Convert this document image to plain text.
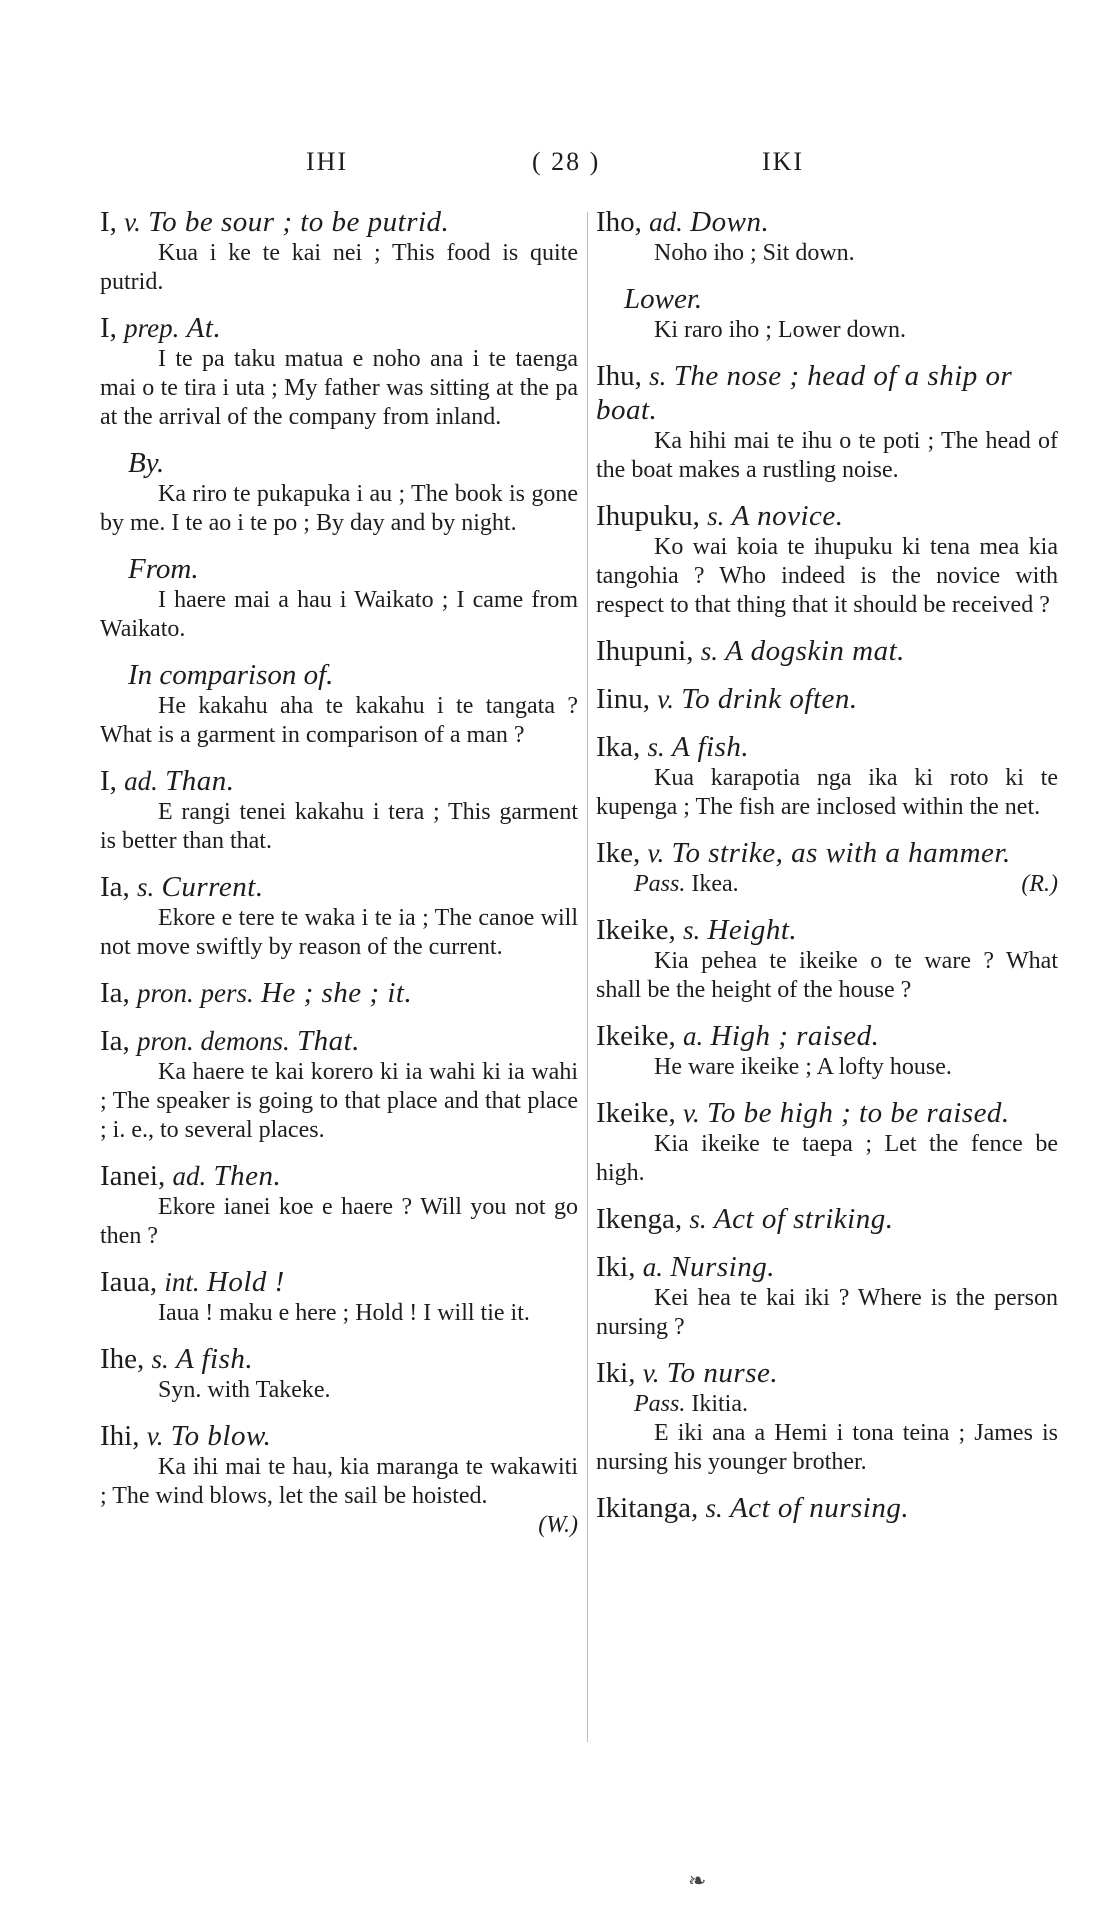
IHI	( 28 )	IKI
I, v. To be sour ; to be putrid.

Kua i ke te kai nei ; This food is quite putrid.

I, prep. At.

I te pa taku matua e noho ana i te taenga mai o te tira i uta ; My father was sitting at the pa at the arrival of the company from inland.

By.

Ka riro te pukapuka i au ; The book is gone by me. I te ao i te po ; By day and by night.

From.

I haere mai a hau i Waikato ; I came from Waikato.

In comparison of.

He kakahu aha te kakahu i te tangata ? What is a garment in comparison of a man ?

I, ad. Than.

E rangi tenei kakahu i tera ; This garment is better than that.

Ia, s. Current.

Ekore e tere te waka i te ia ; The canoe will not move swiftly by reason of the current.

Ia, pron. pers. He ; she ; it.
Ia, pron. demons. That.

Ka haere te kai korero ki ia wahi ki ia wahi ; The speaker is going to that place and that place ; i. e., to several places.

Ianei, ad. Then.

Ekore ianei koe e haere ? Will you not go then ?

Iaua, int. Hold !

Iaua ! maku e here ; Hold ! I will tie it.

Ihe, s. A fish.
Syn. with Takeke.
Ihi, v. To blow.

Ka ihi mai te hau, kia maranga te wakawiti ; The wind blows, let the sail be hoisted.
(W.)

Iho, ad. Down.

Noho iho ; Sit down.

Lower.

Ki raro iho ; Lower down.

Ihu, s. The nose ; head of a ship or boat.

Ka hihi mai te ihu o te poti ; The head of the boat makes a rustling noise.

Ihupuku, s. A novice.

Ko wai koia te ihupuku ki tena mea kia tangohia ? Who indeed is the novice with respect to that thing that it should be received ?

Ihupuni, s. A dogskin mat.
Iinu, v. To drink often.
Ika, s. A fish.

Kua karapotia nga ika ki roto ki te kupenga ; The fish are inclosed within the net.

Ike, v. To strike, as with a hammer.
Pass. Ikea.	(R.)
Ikeike, s. Height.

Kia pehea te ikeike o te ware ? What shall be the height of the house ?

Ikeike, a. High ; raised.

He ware ikeike ; A lofty house.

Ikeike, v. To be high ; to be raised.

Kia ikeike te taepa ; Let the fence be high.

Ikenga, s. Act of striking.
Iki, a. Nursing.

Kei hea te kai iki ? Where is the person nursing ?

Iki, v. To nurse.
Pass. Ikitia.

E iki ana a Hemi i tona teina ; James is nursing his younger brother.

Ikitanga, s. Act of nursing.
❧
